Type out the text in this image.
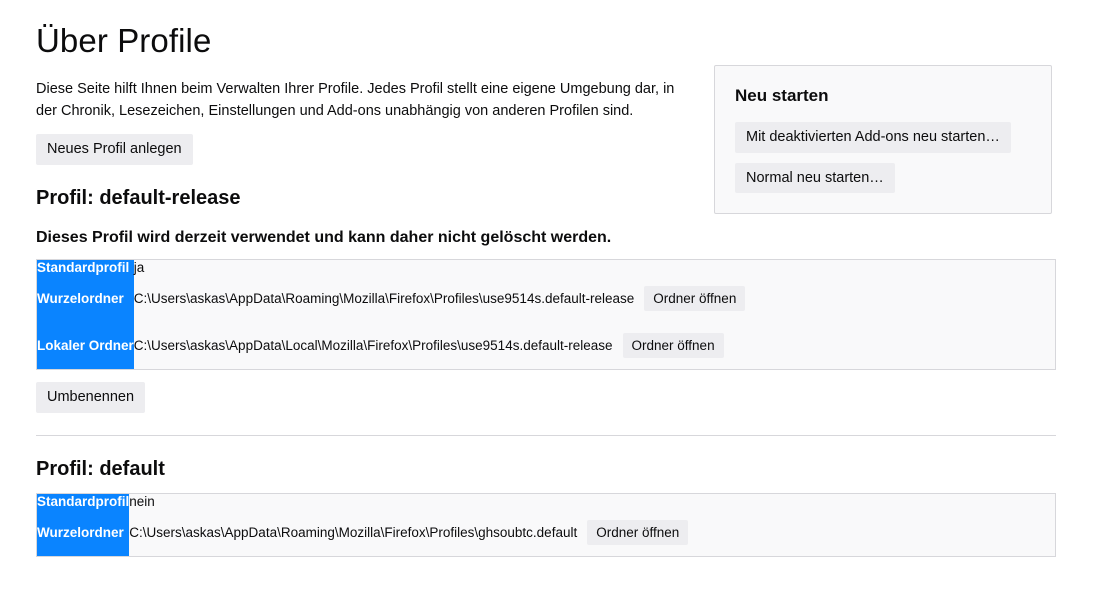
Über Profile

Diese Seite hilft Ihnen beim Verwalten Ihrer Profile. Jedes Profil stellt eine eigene Umgebung dar, in der Chronik, Lesezeichen, Einstellungen und Add-ons unabhängig von anderen Profilen sind.

Neues Profil anlegen
Profil: default-release

Dieses Profil wird derzeit verwendet und kann daher nicht gelöscht werden.

Standardprofil	ja
Wurzelordner	C:\Users\askas\AppData\Roaming\Mozilla\Firefox\Profiles\use9514s.default-release Ordner öffnen

Lokaler Ordner	C:\Users\askas\AppData\Local\Mozilla\Firefox\Profiles\use9514s.default-release Ordner öffnen
Umbenennen
Profil: default
Standardprofil	nein
Wurzelordner	C:\Users\askas\AppData\Roaming\Mozilla\Firefox\Profiles\ghsoubtc.default Ordner öffnen
Neu starten
Mit deaktivierten Add-ons neu starten…
Normal neu starten…
